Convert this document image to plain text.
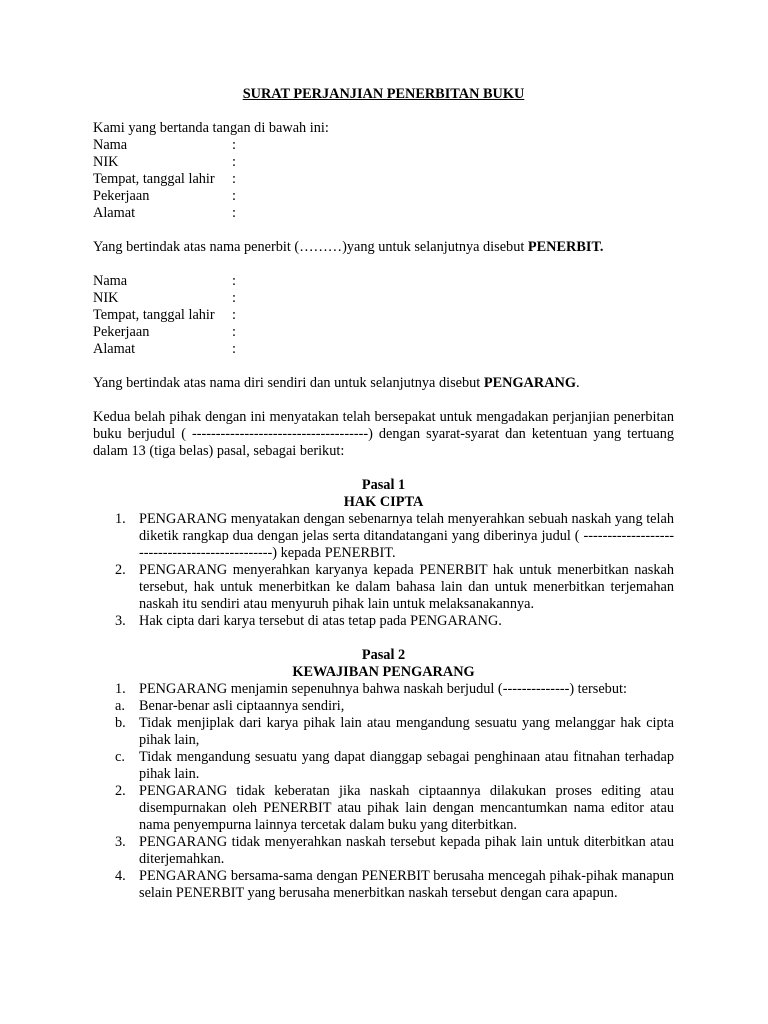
SURAT PERJANJIAN PENERBITAN BUKU
Kami yang bertanda tangan di bawah ini:
Nama	:
NIK	:
Tempat, tanggal lahir	:
Pekerjaan	:
Alamat	:
Yang bertindak atas nama penerbit (………)yang untuk selanjutnya disebut PENERBIT.
Nama	:
NIK	:
Tempat, tanggal lahir	:
Pekerjaan	:
Alamat	:
Yang bertindak atas nama diri sendiri dan untuk selanjutnya disebut PENGARANG.
Kedua belah pihak dengan ini menyatakan telah bersepakat untuk mengadakan perjanjian penerbitan buku berjudul ( -------------------------------------) dengan syarat-syarat dan ketentuan yang tertuang dalam 13 (tiga belas) pasal, sebagai berikut:
Pasal 1
HAK CIPTA
1. PENGARANG menyatakan dengan sebenarnya telah menyerahkan sebuah naskah yang telah diketik rangkap dua dengan jelas serta ditandatangani yang diberinya judul ( -----------------------------------------------) kepada PENERBIT.
2. PENGARANG menyerahkan karyanya kepada PENERBIT hak untuk menerbitkan naskah tersebut, hak untuk menerbitkan ke dalam bahasa lain dan untuk menerbitkan terjemahan naskah itu sendiri atau menyuruh pihak lain untuk melaksanakannya.
3. Hak cipta dari karya tersebut di atas tetap pada PENGARANG.
Pasal 2
KEWAJIBAN PENGARANG
1. PENGARANG menjamin sepenuhnya bahwa naskah berjudul (--------------) tersebut:
a. Benar-benar asli ciptaannya sendiri,
b. Tidak menjiplak dari karya pihak lain atau mengandung sesuatu yang melanggar hak cipta pihak lain,
c. Tidak mengandung sesuatu yang dapat dianggap sebagai penghinaan atau fitnahan terhadap pihak lain.
2. PENGARANG tidak keberatan jika naskah ciptaannya dilakukan proses editing atau disempurnakan oleh PENERBIT atau pihak lain dengan mencantumkan nama editor atau nama penyempurna lainnya tercetak dalam buku yang diterbitkan.
3. PENGARANG tidak menyerahkan naskah tersebut kepada pihak lain untuk diterbitkan atau diterjemahkan.
4. PENGARANG bersama-sama dengan PENERBIT berusaha mencegah pihak-pihak manapun selain PENERBIT yang berusaha menerbitkan naskah tersebut dengan cara apapun.
